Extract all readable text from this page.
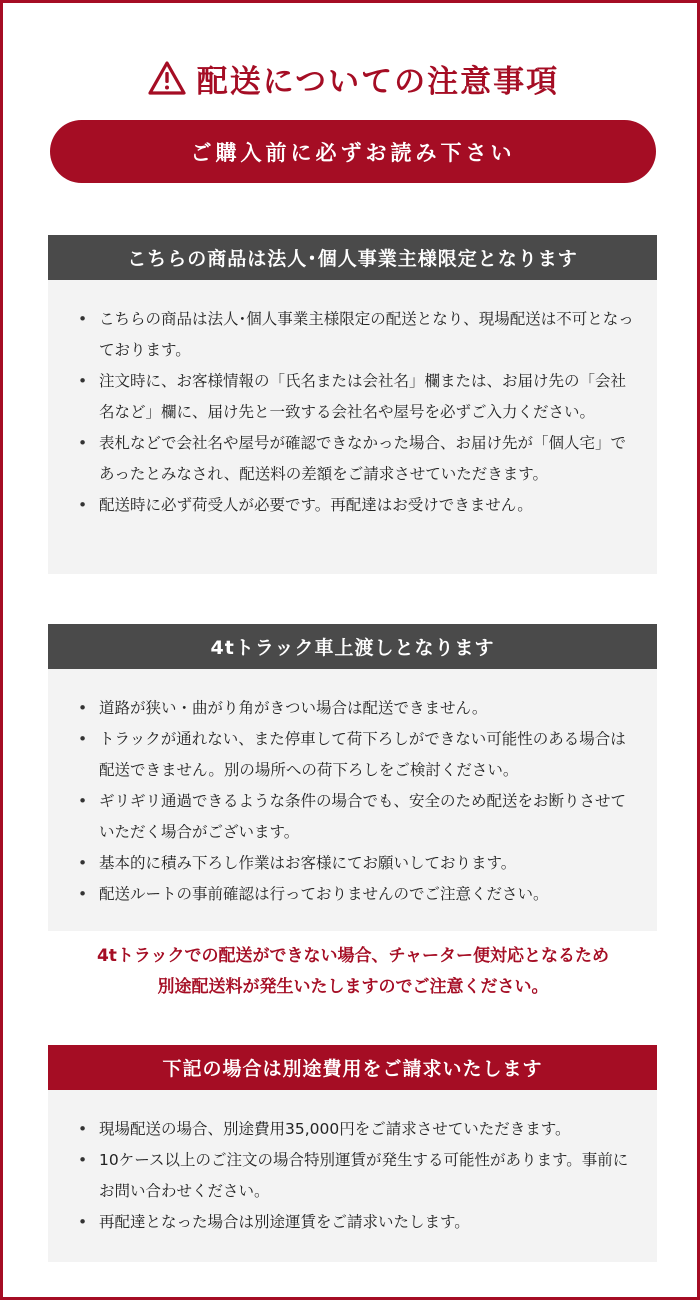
配送についての注意事項
ご購入前に必ずお読み下さい
こちらの商品は法人･個人事業主様限定となります
• こちらの商品は法人･個人事業主様限定の配送となり、現場配送は不可となっております。
• 注文時に、お客様情報の「氏名または会社名」欄または、お届け先の「会社名など」欄に、届け先と一致する会社名や屋号を必ずご入力ください。
• 表札などで会社名や屋号が確認できなかった場合、お届け先が「個人宅」であったとみなされ、配送料の差額をご請求させていただきます。
• 配送時に必ず荷受人が必要です。再配達はお受けできません。
4tトラック車上渡しとなります
• 道路が狭い・曲がり角がきつい場合は配送できません。
• トラックが通れない、また停車して荷下ろしができない可能性のある場合は配送できません。別の場所への荷下ろしをご検討ください。
• ギリギリ通過できるような条件の場合でも、安全のため配送をお断りさせていただく場合がございます。
• 基本的に積み下ろし作業はお客様にてお願いしております。
• 配送ルートの事前確認は行っておりませんのでご注意ください。
4tトラックでの配送ができない場合、チャーター便対応となるため
別途配送料が発生いたしますのでご注意ください。
下記の場合は別途費用をご請求いたします
• 現場配送の場合、別途費用35,000円をご請求させていただきます。
• 10ケース以上のご注文の場合特別運賃が発生する可能性があります。事前にお問い合わせください。
• 再配達となった場合は別途運賃をご請求いたします。
